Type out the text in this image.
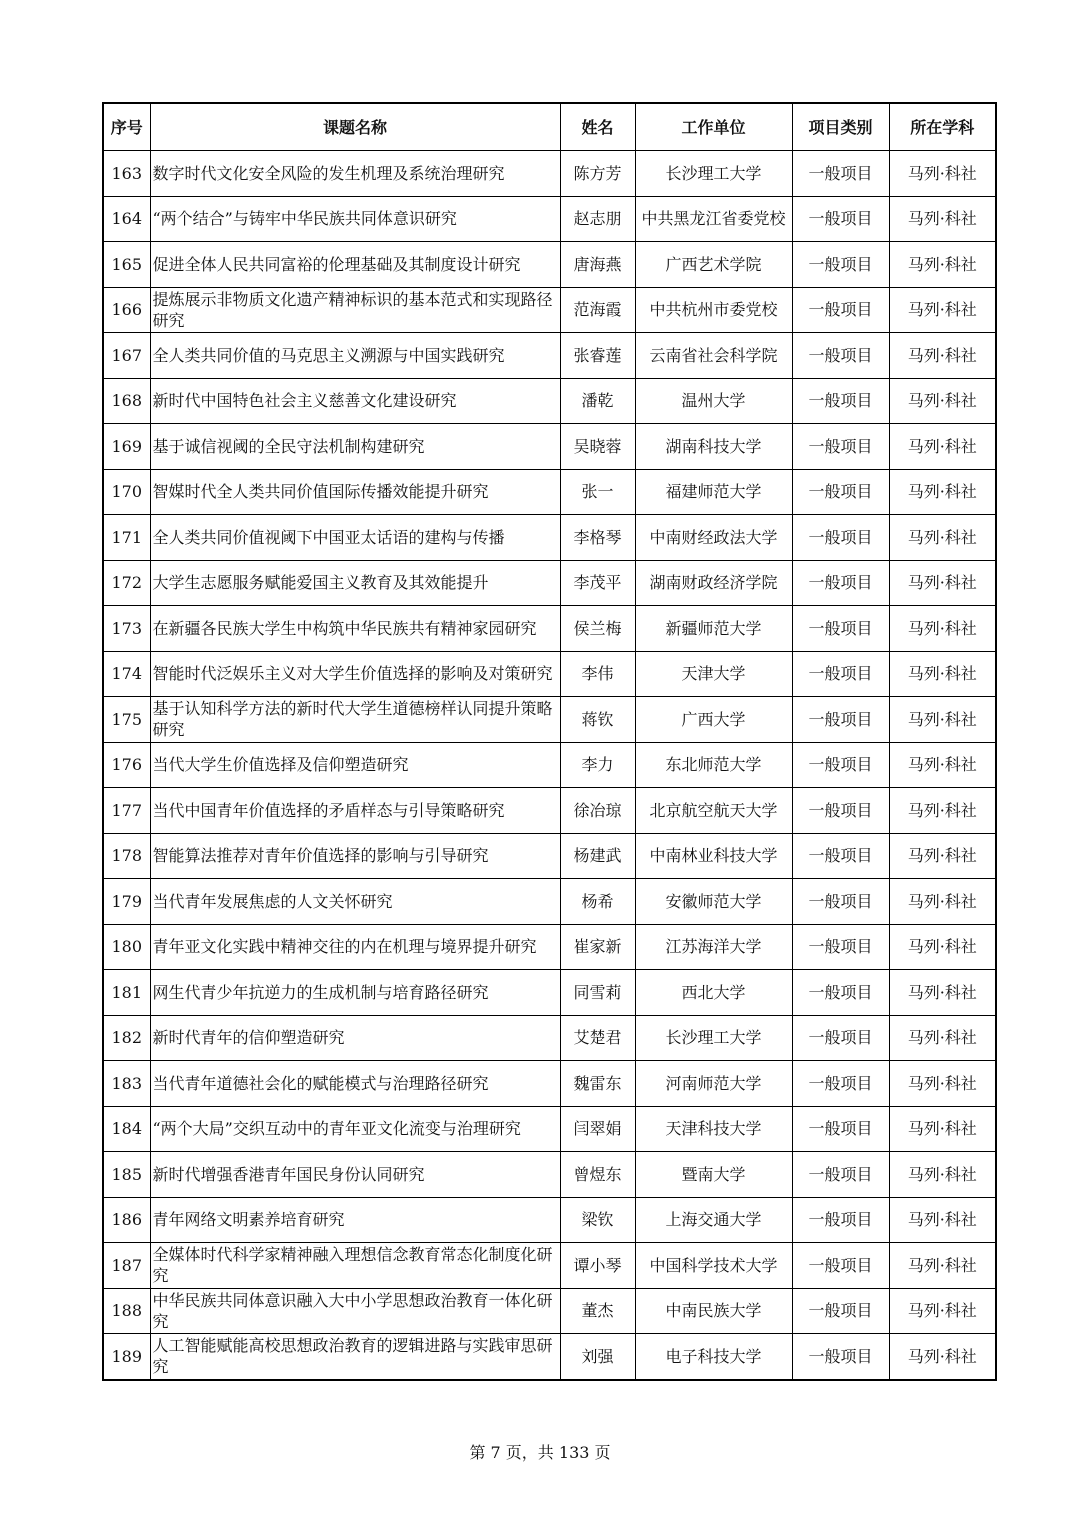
序号	课题名称	姓名	工作单位	项目类别	所在学科
163	数字时代文化安全风险的发生机理及系统治理研究	陈方芳	长沙理工大学	一般项目	马列·科社
164	“两个结合”与铸牢中华民族共同体意识研究	赵志朋	中共黑龙江省委党校	一般项目	马列·科社
165	促进全体人民共同富裕的伦理基础及其制度设计研究	唐海燕	广西艺术学院	一般项目	马列·科社
166	提炼展示非物质文化遗产精神标识的基本范式和实现路径研究	范海霞	中共杭州市委党校	一般项目	马列·科社
167	全人类共同价值的马克思主义溯源与中国实践研究	张睿莲	云南省社会科学院	一般项目	马列·科社
168	新时代中国特色社会主义慈善文化建设研究	潘乾	温州大学	一般项目	马列·科社
169	基于诚信视阈的全民守法机制构建研究	吴晓蓉	湖南科技大学	一般项目	马列·科社
170	智媒时代全人类共同价值国际传播效能提升研究	张一	福建师范大学	一般项目	马列·科社
171	全人类共同价值视阈下中国亚太话语的建构与传播	李格琴	中南财经政法大学	一般项目	马列·科社
172	大学生志愿服务赋能爱国主义教育及其效能提升	李茂平	湖南财政经济学院	一般项目	马列·科社
173	在新疆各民族大学生中构筑中华民族共有精神家园研究	侯兰梅	新疆师范大学	一般项目	马列·科社
174	智能时代泛娱乐主义对大学生价值选择的影响及对策研究	李伟	天津大学	一般项目	马列·科社
175	基于认知科学方法的新时代大学生道德榜样认同提升策略研究	蒋钦	广西大学	一般项目	马列·科社
176	当代大学生价值选择及信仰塑造研究	李力	东北师范大学	一般项目	马列·科社
177	当代中国青年价值选择的矛盾样态与引导策略研究	徐冶琼	北京航空航天大学	一般项目	马列·科社
178	智能算法推荐对青年价值选择的影响与引导研究	杨建武	中南林业科技大学	一般项目	马列·科社
179	当代青年发展焦虑的人文关怀研究	杨希	安徽师范大学	一般项目	马列·科社
180	青年亚文化实践中精神交往的内在机理与境界提升研究	崔家新	江苏海洋大学	一般项目	马列·科社
181	网生代青少年抗逆力的生成机制与培育路径研究	同雪莉	西北大学	一般项目	马列·科社
182	新时代青年的信仰塑造研究	艾楚君	长沙理工大学	一般项目	马列·科社
183	当代青年道德社会化的赋能模式与治理路径研究	魏雷东	河南师范大学	一般项目	马列·科社
184	“两个大局”交织互动中的青年亚文化流变与治理研究	闫翠娟	天津科技大学	一般项目	马列·科社
185	新时代增强香港青年国民身份认同研究	曾煜东	暨南大学	一般项目	马列·科社
186	青年网络文明素养培育研究	梁钦	上海交通大学	一般项目	马列·科社
187	全媒体时代科学家精神融入理想信念教育常态化制度化研究	谭小琴	中国科学技术大学	一般项目	马列·科社
188	中华民族共同体意识融入大中小学思想政治教育一体化研究	董杰	中南民族大学	一般项目	马列·科社
189	人工智能赋能高校思想政治教育的逻辑进路与实践审思研究	刘强	电子科技大学	一般项目	马列·科社
第 7 页，共 133 页
